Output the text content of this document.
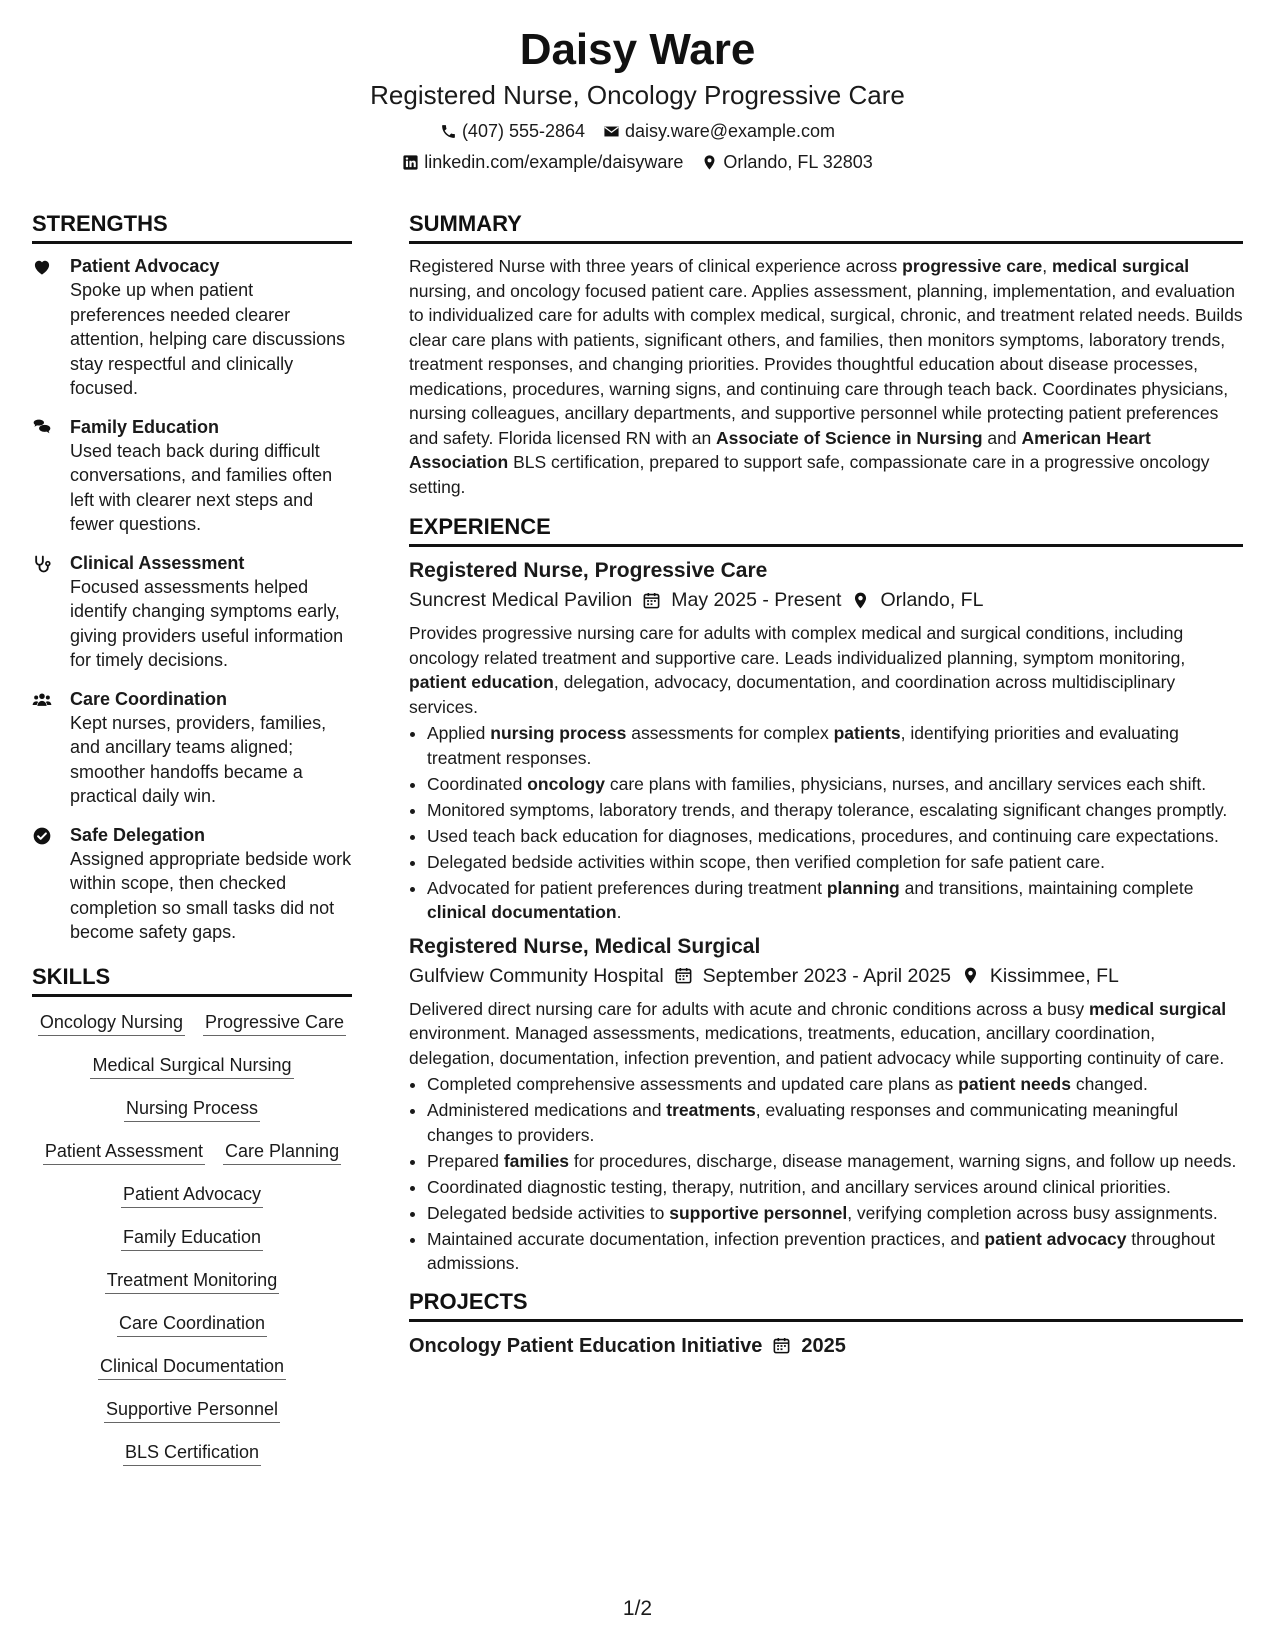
Daisy Ware
Registered Nurse, Oncology Progressive Care
(407) 555-2864 daisy.ware@example.com
linkedin.com/example/daisyware Orlando, FL 32803
STRENGTHS
Patient Advocacy
Spoke up when patient preferences needed clearer attention, helping care discussions stay respectful and clinically focused.
Family Education
Used teach back during difficult conversations, and families often left with clearer next steps and fewer questions.
Clinical Assessment
Focused assessments helped identify changing symptoms early, giving providers useful information for timely decisions.
Care Coordination
Kept nurses, providers, families, and ancillary teams aligned; smoother handoffs became a practical daily win.
Safe Delegation
Assigned appropriate bedside work within scope, then checked completion so small tasks did not become safety gaps.
SKILLS
Oncology Nursing Progressive Care
Medical Surgical Nursing
Nursing Process
Patient Assessment Care Planning
Patient Advocacy
Family Education
Treatment Monitoring
Care Coordination
Clinical Documentation
Supportive Personnel
BLS Certification
SUMMARY
Registered Nurse with three years of clinical experience across progressive care, medical surgical nursing, and oncology focused patient care. Applies assessment, planning, implementation, and evaluation to individualized care for adults with complex medical, surgical, chronic, and treatment related needs. Builds clear care plans with patients, significant others, and families, then monitors symptoms, laboratory trends, treatment responses, and changing priorities. Provides thoughtful education about disease processes, medications, procedures, warning signs, and continuing care through teach back. Coordinates physicians, nursing colleagues, ancillary departments, and supportive personnel while protecting patient preferences and safety. Florida licensed RN with an Associate of Science in Nursing and American Heart Association BLS certification, prepared to support safe, compassionate care in a progressive oncology setting.
EXPERIENCE
Registered Nurse, Progressive Care
Suncrest Medical Pavilion May 2025 - Present Orlando, FL
Provides progressive nursing care for adults with complex medical and surgical conditions, including oncology related treatment and supportive care. Leads individualized planning, symptom monitoring, patient education, delegation, advocacy, documentation, and coordination across multidisciplinary services.
• Applied nursing process assessments for complex patients, identifying priorities and evaluating treatment responses.
• Coordinated oncology care plans with families, physicians, nurses, and ancillary services each shift.
• Monitored symptoms, laboratory trends, and therapy tolerance, escalating significant changes promptly.
• Used teach back education for diagnoses, medications, procedures, and continuing care expectations.
• Delegated bedside activities within scope, then verified completion for safe patient care.
• Advocated for patient preferences during treatment planning and transitions, maintaining complete clinical documentation.
Registered Nurse, Medical Surgical
Gulfview Community Hospital September 2023 - April 2025 Kissimmee, FL
Delivered direct nursing care for adults with acute and chronic conditions across a busy medical surgical environment. Managed assessments, medications, treatments, education, ancillary coordination, delegation, documentation, infection prevention, and patient advocacy while supporting continuity of care.
• Completed comprehensive assessments and updated care plans as patient needs changed.
• Administered medications and treatments, evaluating responses and communicating meaningful changes to providers.
• Prepared families for procedures, discharge, disease management, warning signs, and follow up needs.
• Coordinated diagnostic testing, therapy, nutrition, and ancillary services around clinical priorities.
• Delegated bedside activities to supportive personnel, verifying completion across busy assignments.
• Maintained accurate documentation, infection prevention practices, and patient advocacy throughout admissions.
PROJECTS
Oncology Patient Education Initiative 2025
1/2
